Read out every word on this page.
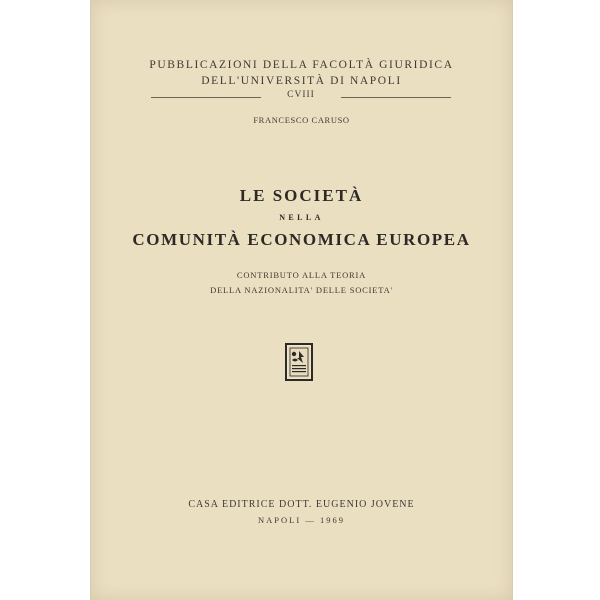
PUBBLICAZIONI DELLA FACOLTÀ GIURIDICA

DELL'UNIVERSITÀ DI NAPOLI

CVIII

FRANCESCO CARUSO

LE SOCIETÀ

NELLA

COMUNITÀ ECONOMICA EUROPEA

CONTRIBUTO ALLA TEORIA

DELLA NAZIONALITA' DELLE SOCIETA'

CASA EDITRICE DOTT. EUGENIO JOVENE

NAPOLI — 1969
